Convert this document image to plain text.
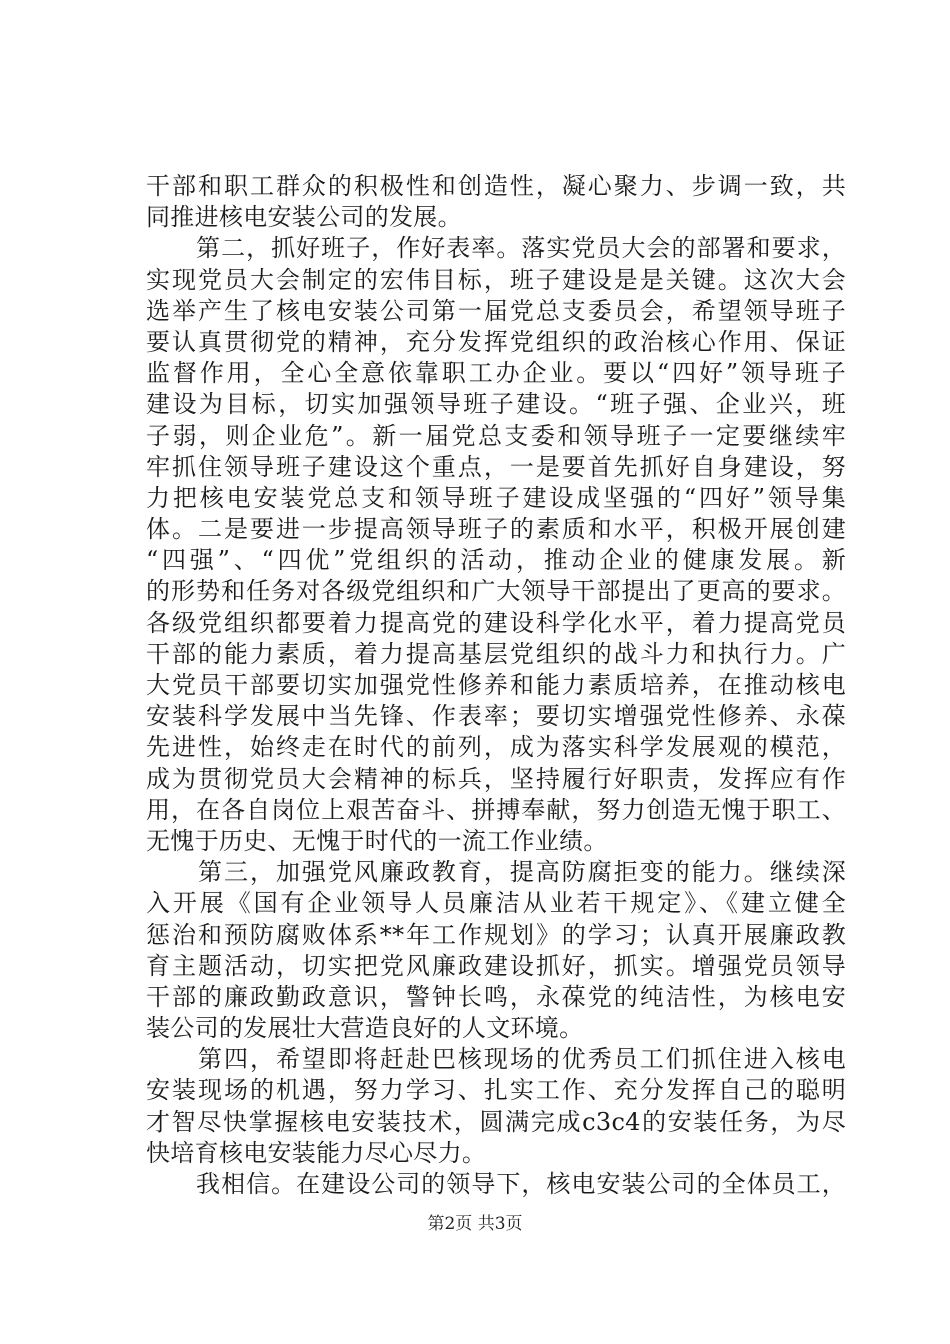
干部和职工群众的积极性和创造性，凝心聚力、步调一致，共
同推进核电安装公司的发展。
　　第二，抓好班子，作好表率。落实党员大会的部署和要求，
实现党员大会制定的宏伟目标，班子建设是是关键。这次大会
选举产生了核电安装公司第一届党总支委员会，希望领导班子
要认真贯彻党的精神，充分发挥党组织的政治核心作用、保证
监督作用，全心全意依靠职工办企业。要以“四好”领导班子
建设为目标，切实加强领导班子建设。“班子强、企业兴，班
子弱，则企业危”。新一届党总支委和领导班子一定要继续牢
牢抓住领导班子建设这个重点，一是要首先抓好自身建设，努
力把核电安装党总支和领导班子建设成坚强的“四好”领导集
体。二是要进一步提高领导班子的素质和水平，积极开展创建
“四强”、“四优”党组织的活动，推动企业的健康发展。新
的形势和任务对各级党组织和广大领导干部提出了更高的要求。
各级党组织都要着力提高党的建设科学化水平，着力提高党员
干部的能力素质，着力提高基层党组织的战斗力和执行力。广
大党员干部要切实加强党性修养和能力素质培养，在推动核电
安装科学发展中当先锋、作表率；要切实增强党性修养、永葆
先进性，始终走在时代的前列，成为落实科学发展观的模范，
成为贯彻党员大会精神的标兵，坚持履行好职责，发挥应有作
用，在各自岗位上艰苦奋斗、拼搏奉献，努力创造无愧于职工、
无愧于历史、无愧于时代的一流工作业绩。
　　第三，加强党风廉政教育，提高防腐拒变的能力。继续深
入开展《国有企业领导人员廉洁从业若干规定》、《建立健全
惩治和预防腐败体系**年工作规划》的学习；认真开展廉政教
育主题活动，切实把党风廉政建设抓好，抓实。增强党员领导
干部的廉政勤政意识，警钟长鸣，永葆党的纯洁性，为核电安
装公司的发展壮大营造良好的人文环境。
　　第四，希望即将赶赴巴核现场的优秀员工们抓住进入核电
安装现场的机遇，努力学习、扎实工作、充分发挥自己的聪明
才智尽快掌握核电安装技术，圆满完成c3c4的安装任务，为尽
快培育核电安装能力尽心尽力。
　　我相信。在建设公司的领导下，核电安装公司的全体员工，
第2页 共3页
